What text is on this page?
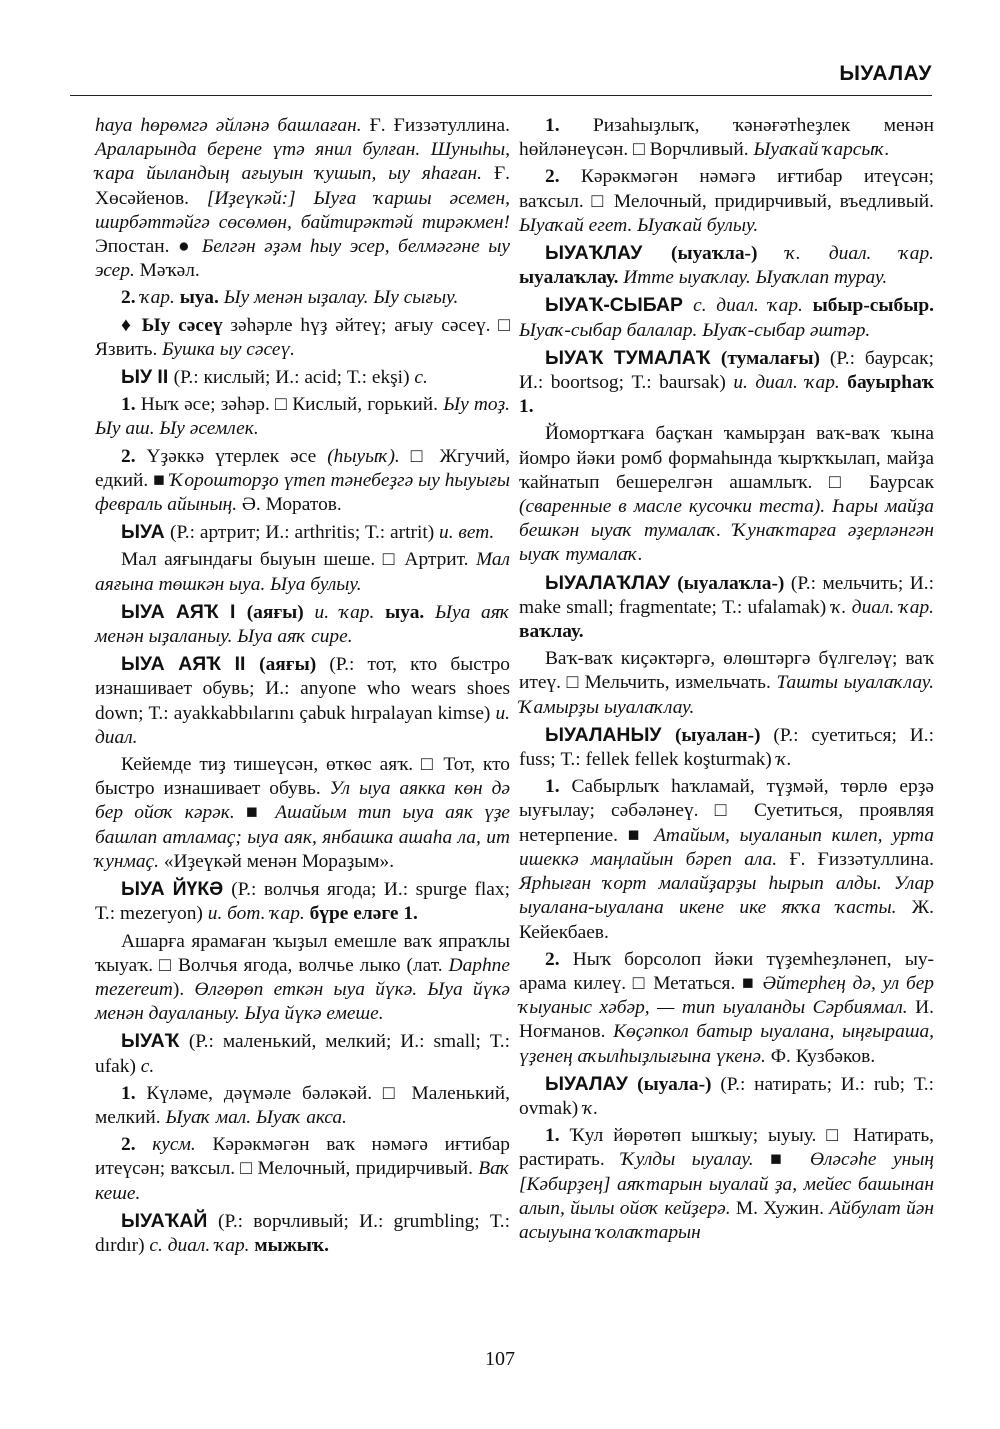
ЫУАЛАУ

hауа hөрөмгә әйләнә башлаған. Ғ. Ғиззәтуллина. Араларында берене үтә янил булған. Шуныһы, ҡара йыландың ағыуын ҡушып, ыу яһаған. Ғ. Хөсәйенов. [Иҙеүкәй:] Ыуға ҡаршы әсемен, ширбәттәйгә сөсөмөн, байтирәктәй тирәкмен! Эпостан. ● Белгән әҙәм һыу эсер, белмәгәне ыу эсер. Мәҡәл.

2. ҡар. ыуа. Ыу менән ыҙалау. Ыу сығыу.

♦ Ыу сәсеү зәһәрле һүҙ әйтеү; ағыу сәсеү. □ Язвить. Бушка ыу сәсеү.

ЫУ II (Р.: кислый; И.: acid; Т.: ekşi) с.

1. Ныҡ әсе; зәһәр. □ Кислый, горький. Ыу тоҙ. Ыу аш. Ыу әсемлек.

2. Үҙәккә үтерлек әсе (һыуыҡ). □ Жгучий, едкий. ■ Ҡорошторҙо үтеп тәнебеҙгә ыу һыуығы февраль айының. Ә. Моратов.

ЫУА (Р.: артрит; И.: arthritis; Т.: artrit) и. вет.

Мал аяғындағы быуын шеше. □ Артрит. Мал аяғына төшкән ыуа. Ыуа булыу.

ЫУА АЯҠ I (аяғы) и. ҡар. ыуа. Ыуа аяҡ менән ыҙаланыу. Ыуа аяҡ сире.

ЫУА АЯҠ II (аяғы) (Р.: тот, кто быстро изнашивает обувь; И.: anyone who wears shoes down; Т.: ayakkabbılarını çabuk hırpalayan kimse) и. диал.

Кейемде тиҙ тишеүсән, өткөс аяҡ. □ Тот, кто быстро изнашивает обувь. Ул ыуа аякка көн дә бер ойоҡ кәрәк. ■ Ашайым тип ыуа аяк үҙе башлап атламаҫ; ыуа аяк, янбашка ашаһа ла, ит ҡунмаҫ. «Иҙеүкәй менән Мораҙым».

ЫУА ЙҮКӘ (Р.: волчья ягода; И.: spurge flax; Т.: mezeryon) и. бот. ҡар. бүре еләге 1.

Ашарға ярамаған ҡыҙыл емешле ваҡ япраҡлы ҡыуаҡ. □ Волчья ягода, волчье лыко (лат. Daphne mezereum). Өлгөрөп еткән ыуа йүкә. Ыуа йүкә менән дауаланыу. Ыуа йүкә емеше.

ЫУАҠ (Р.: маленький, мелкий; И.: small; Т.: ufak) с.

1. Күләме, дәүмәле бәләкәй. □ Маленький, мелкий. Ыуаҡ мал. Ыуаҡ акса.

2. кусм. Кәрәкмәгән ваҡ нәмәгә иғтибар итеүсән; ваҡсыл. □ Мелочный, придирчивый. Ваҡ кеше.

ЫУАҠАЙ (Р.: ворчливый; И.: grumbling; Т.: dırdır) с. диал. ҡар. мыжыҡ.

1. Ризаһыҙлыҡ, ҡәнәғәтһеҙлек менән һөйләнеүсән. □ Ворчливый. Ыуаҡай ҡарсыҡ.

2. Кәрәкмәгән нәмәгә иғтибар итеүсән; ваҡсыл. □ Мелочный, придирчивый, въедливый. Ыуаҡай егет. Ыуаҡай булыу.

ЫУАҠЛАУ (ыуаҡла-) ҡ. диал. ҡар. ыуалаҡлау. Итте ыуаҡлау. Ыуаҡлап турау.

ЫУАҠ-СЫБАР с. диал. ҡар. ыбыр-сыбыр. Ыуаҡ-сыбар балалар. Ыуаҡ-сыбар әштәр.

ЫУАҠ ТУМАЛАҠ (тумалағы) (Р.: баурсак; И.: boortsog; Т.: baursak) и. диал. ҡар. бауырһаҡ 1.

Йомортҡаға баҫҡан ҡамырҙан ваҡ-ваҡ ҡына йомро йәки ромб формаһында ҡырҡҡылап, майҙа ҡайнатып бешерелгән ашамлыҡ. □ Баурсак (сваренные в масле кусочки теста). Һары майҙа бешкән ыуаҡ тумалаҡ. Ҡунаҡтарға әҙерләнгән ыуаҡ тумалаҡ.

ЫУАЛАҠЛАУ (ыуалаҡла-) (Р.: мельчить; И.: make small; fragmentate; Т.: ufalamak) ҡ. диал. ҡар. ваҡлау.

Ваҡ-ваҡ киҫәктәргә, өлөштәргә бүлгеләү; ваҡ итеү. □ Мельчить, измельчать. Ташты ыуалаҡлау. Ҡамырҙы ыуалаҡлау.

ЫУАЛАНЫУ (ыуалан-) (Р.: суетиться; И.: fuss; Т.: fellek fellek koşturmak) ҡ.

1. Сабырлыҡ һаҡламай, түҙмәй, төрлө ерҙә ыуғылау; сәбәләнеү. □ Суетиться, проявляя нетерпение. ■ Атайым, ыуаланып килеп, урта ишеккә маңлайын бәреп ала. Ғ. Ғиззәтуллина. Ярһыған ҡорт малайҙарҙы һырып алды. Улар ыуалана-ыуалана икене ике яҡҡа ҡасты. Ж. Кейекбаев.

2. Ныҡ борсолоп йәки түҙемһеҙләнеп, ыу-арама килеү. □ Метаться. ■ Әйтерһең дә, ул бер ҡыуаныс хәбәр, — тип ыуаланды Сәрбиямал. И. Ноғманов. Көҫәпкол батыр ыуалана, ыңғыраша, үҙенең аҡылһыҙлығына үкенә. Ф. Кузбәков.

ЫУАЛАУ (ыуала-) (Р.: натирать; И.: rub; Т.: ovmak) ҡ.

1. Ҡул йөрөтөп ышҡыу; ыуыу. □ Натирать, растирать. Ҡулды ыуалау. ■ Өләсәһе уның [Кәбирҙең] аяҡтарын ыуалай ҙа, мейес башынан алып, йылы ойоҡ кейҙерә. М. Хужин. Айбулат йән асыуына ҡолаҡтарын

107
